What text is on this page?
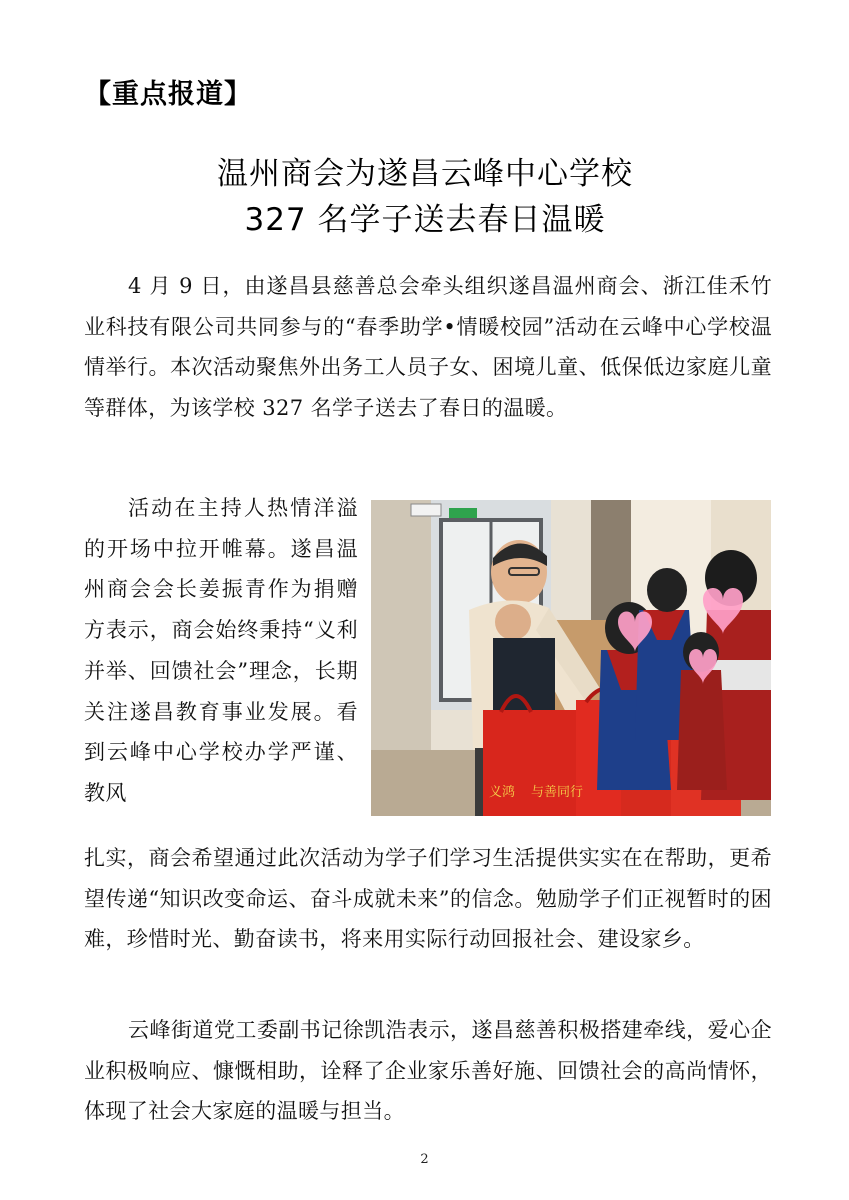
【重点报道】
温州商会为遂昌云峰中心学校
327 名学子送去春日温暖

4 月 9 日，由遂昌县慈善总会牵头组织遂昌温州商会、浙江佳禾竹业科技有限公司共同参与的“春季助学•情暖校园”活动在云峰中心学校温情举行。本次活动聚焦外出务工人员子女、困境儿童、低保低边家庭儿童等群体，为该学校 327 名学子送去了春日的温暖。

活动在主持人热情洋溢的开场中拉开帷幕。遂昌温州商会会长姜振青作为捐赠方表示，商会始终秉持“义利并举、回馈社会”理念，长期关注遂昌教育事业发展。看到云峰中心学校办学严谨、教风	义鸿 与善同行

扎实，商会希望通过此次活动为学子们学习生活提供实实在在帮助，更希望传递“知识改变命运、奋斗成就未来”的信念。勉励学子们正视暂时的困难，珍惜时光、勤奋读书，将来用实际行动回报社会、建设家乡。

云峰街道党工委副书记徐凯浩表示，遂昌慈善积极搭建牵线，爱心企业积极响应、慷慨相助，诠释了企业家乐善好施、回馈社会的高尚情怀，体现了社会大家庭的温暖与担当。

2
